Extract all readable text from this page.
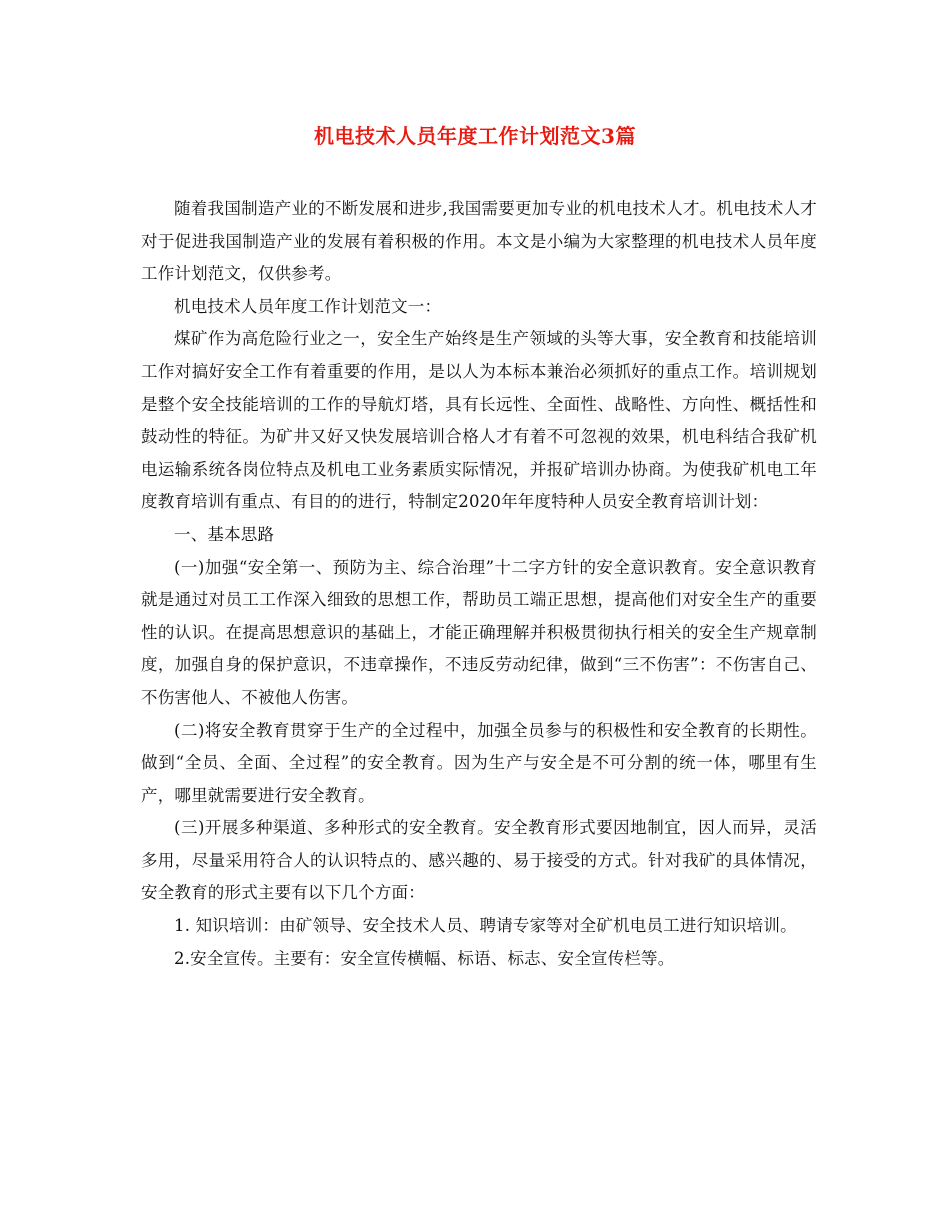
机电技术人员年度工作计划范文3篇

随着我国制造产业的不断发展和进步,我国需要更加专业的机电技术人才。机电技术人才对于促进我国制造产业的发展有着积极的作用。本文是小编为大家整理的机电技术人员年度工作计划范文，仅供参考。

机电技术人员年度工作计划范文一：

煤矿作为高危险行业之一，安全生产始终是生产领域的头等大事，安全教育和技能培训工作对搞好安全工作有着重要的作用，是以人为本标本兼治必须抓好的重点工作。培训规划是整个安全技能培训的工作的导航灯塔，具有长远性、全面性、战略性、方向性、概括性和鼓动性的特征。为矿井又好又快发展培训合格人才有着不可忽视的效果，机电科结合我矿机电运输系统各岗位特点及机电工业务素质实际情况，并报矿培训办协商。为使我矿机电工年度教育培训有重点、有目的的进行，特制定2020年年度特种人员安全教育培训计划：

一、基本思路

(一)加强“安全第一、预防为主、综合治理”十二字方针的安全意识教育。安全意识教育就是通过对员工工作深入细致的思想工作，帮助员工端正思想，提高他们对安全生产的重要性的认识。在提高思想意识的基础上，才能正确理解并积极贯彻执行相关的安全生产规章制度，加强自身的保护意识，不违章操作，不违反劳动纪律，做到“三不伤害”：不伤害自己、不伤害他人、不被他人伤害。

(二)将安全教育贯穿于生产的全过程中，加强全员参与的积极性和安全教育的长期性。做到“全员、全面、全过程”的安全教育。因为生产与安全是不可分割的统一体，哪里有生产，哪里就需要进行安全教育。

(三)开展多种渠道、多种形式的安全教育。安全教育形式要因地制宜，因人而异，灵活多用，尽量采用符合人的认识特点的、感兴趣的、易于接受的方式。针对我矿的具体情况，安全教育的形式主要有以下几个方面：

1. 知识培训：由矿领导、安全技术人员、聘请专家等对全矿机电员工进行知识培训。

2.安全宣传。主要有：安全宣传横幅、标语、标志、安全宣传栏等。
